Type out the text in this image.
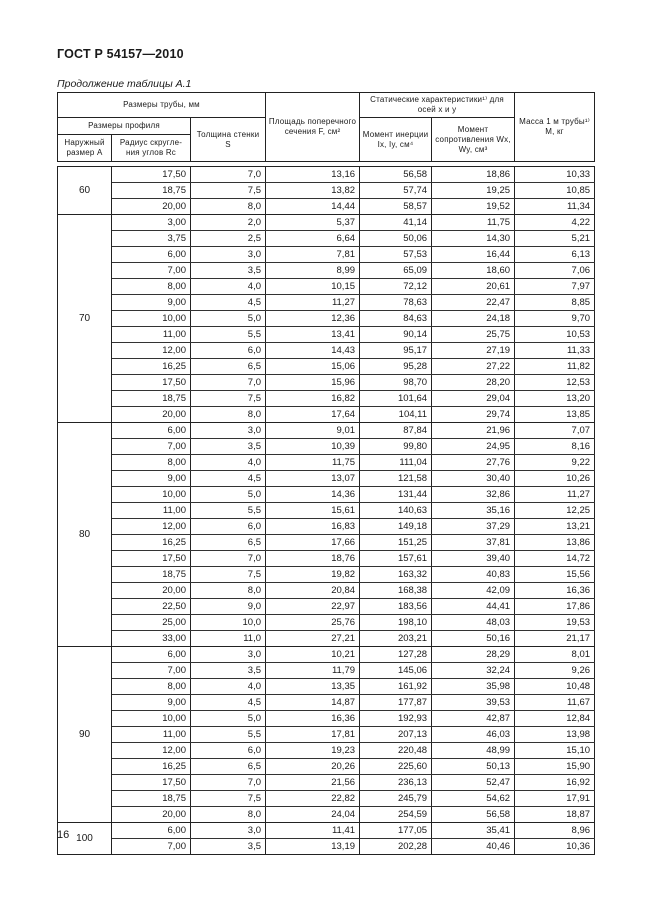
ГОСТ Р 54157—2010
Продолжение таблицы А.1
Размеры трубы, мм			Площадь поперечного сечения F, см²	Статические характеристики¹⁾ для осей x и y		Масса 1 м трубы¹⁾ M, кг
Размеры профиля		Толщина стенки S		Момент инерции Ix, Iy, см⁴	Момент сопротивления Wx, Wy, см³	
Наружный размер A	Радиус скругле-ния углов Rc					

60	17,50	7,0	13,16	56,58	18,86	10,33
	18,75	7,5	13,82	57,74	19,25	10,85
	20,00	8,0	14,44	58,57	19,52	11,34
70	3,00	2,0	5,37	41,14	11,75	4,22
	3,75	2,5	6,64	50,06	14,30	5,21
	6,00	3,0	7,81	57,53	16,44	6,13
	7,00	3,5	8,99	65,09	18,60	7,06
	8,00	4,0	10,15	72,12	20,61	7,97
	9,00	4,5	11,27	78,63	22,47	8,85
	10,00	5,0	12,36	84,63	24,18	9,70
	11,00	5,5	13,41	90,14	25,75	10,53
	12,00	6,0	14,43	95,17	27,19	11,33
	16,25	6,5	15,06	95,28	27,22	11,82
	17,50	7,0	15,96	98,70	28,20	12,53
	18,75	7,5	16,82	101,64	29,04	13,20
	20,00	8,0	17,64	104,11	29,74	13,85
80	6,00	3,0	9,01	87,84	21,96	7,07
	7,00	3,5	10,39	99,80	24,95	8,16
	8,00	4,0	11,75	111,04	27,76	9,22
	9,00	4,5	13,07	121,58	30,40	10,26
	10,00	5,0	14,36	131,44	32,86	11,27
	11,00	5,5	15,61	140,63	35,16	12,25
	12,00	6,0	16,83	149,18	37,29	13,21
	16,25	6,5	17,66	151,25	37,81	13,86
	17,50	7,0	18,76	157,61	39,40	14,72
	18,75	7,5	19,82	163,32	40,83	15,56
	20,00	8,0	20,84	168,38	42,09	16,36
	22,50	9,0	22,97	183,56	44,41	17,86
	25,00	10,0	25,76	198,10	48,03	19,53
	33,00	11,0	27,21	203,21	50,16	21,17
90	6,00	3,0	10,21	127,28	28,29	8,01
	7,00	3,5	11,79	145,06	32,24	9,26
	8,00	4,0	13,35	161,92	35,98	10,48
	9,00	4,5	14,87	177,87	39,53	11,67
	10,00	5,0	16,36	192,93	42,87	12,84
	11,00	5,5	17,81	207,13	46,03	13,98
	12,00	6,0	19,23	220,48	48,99	15,10
	16,25	6,5	20,26	225,60	50,13	15,90
	17,50	7,0	21,56	236,13	52,47	16,92
	18,75	7,5	22,82	245,79	54,62	17,91
	20,00	8,0	24,04	254,59	56,58	18,87
100	6,00	3,0	11,41	177,05	35,41	8,96
	7,00	3,5	13,19	202,28	40,46	10,36
16
